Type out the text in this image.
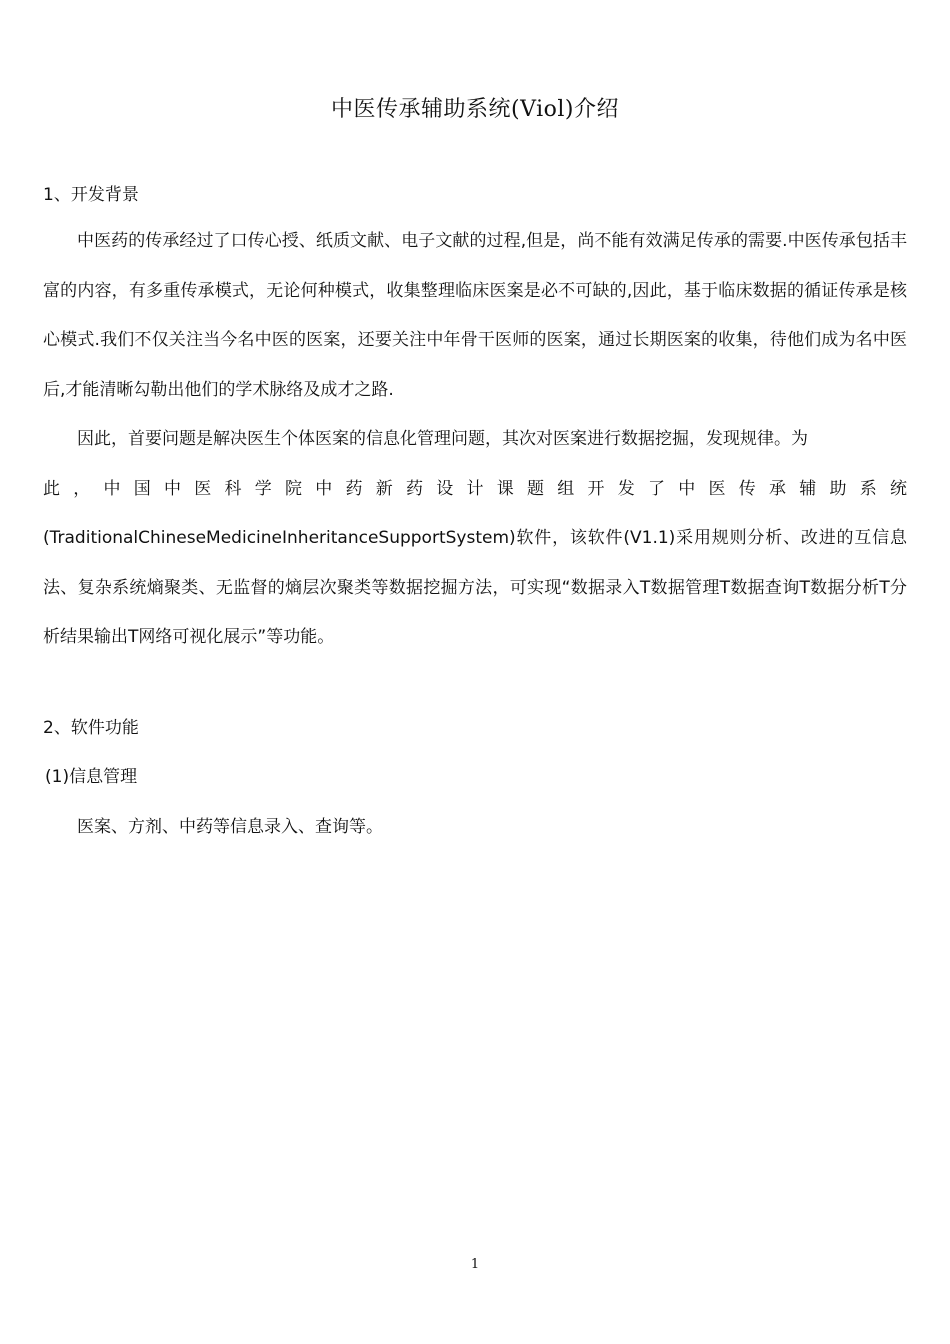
中医传承辅助系统(Viol)介绍
1、开发背景

中医药的传承经过了口传心授、纸质文献、电子文献的过程,但是，尚不能有效满足传承的需要.中医传承包括丰富的内容，有多重传承模式，无论何种模式，收集整理临床医案是必不可缺的,因此，基于临床数据的循证传承是核心模式.我们不仅关注当今名中医的医案，还要关注中年骨干医师的医案，通过长期医案的收集，待他们成为名中医后,才能清晰勾勒出他们的学术脉络及成才之路.

因此，首要问题是解决医生个体医案的信息化管理问题，其次对医案进行数据挖掘，发现规律。为
此 ， 中 国 中 医 科 学 院 中 药 新 药 设 计 课 题 组 开 发 了 中 医 传 承 辅 助 系 统
(TraditionalChineseMedicineInheritanceSupportSystem)软件，该软件(V1.1)采用规则分析、改进的互信息法、复杂系统熵聚类、无监督的熵层次聚类等数据挖掘方法，可实现“数据录入T数据管理T数据查询T数据分析T分析结果输出T网络可视化展示”等功能。
2、软件功能
(1)信息管理
医案、方剂、中药等信息录入、查询等。
1
